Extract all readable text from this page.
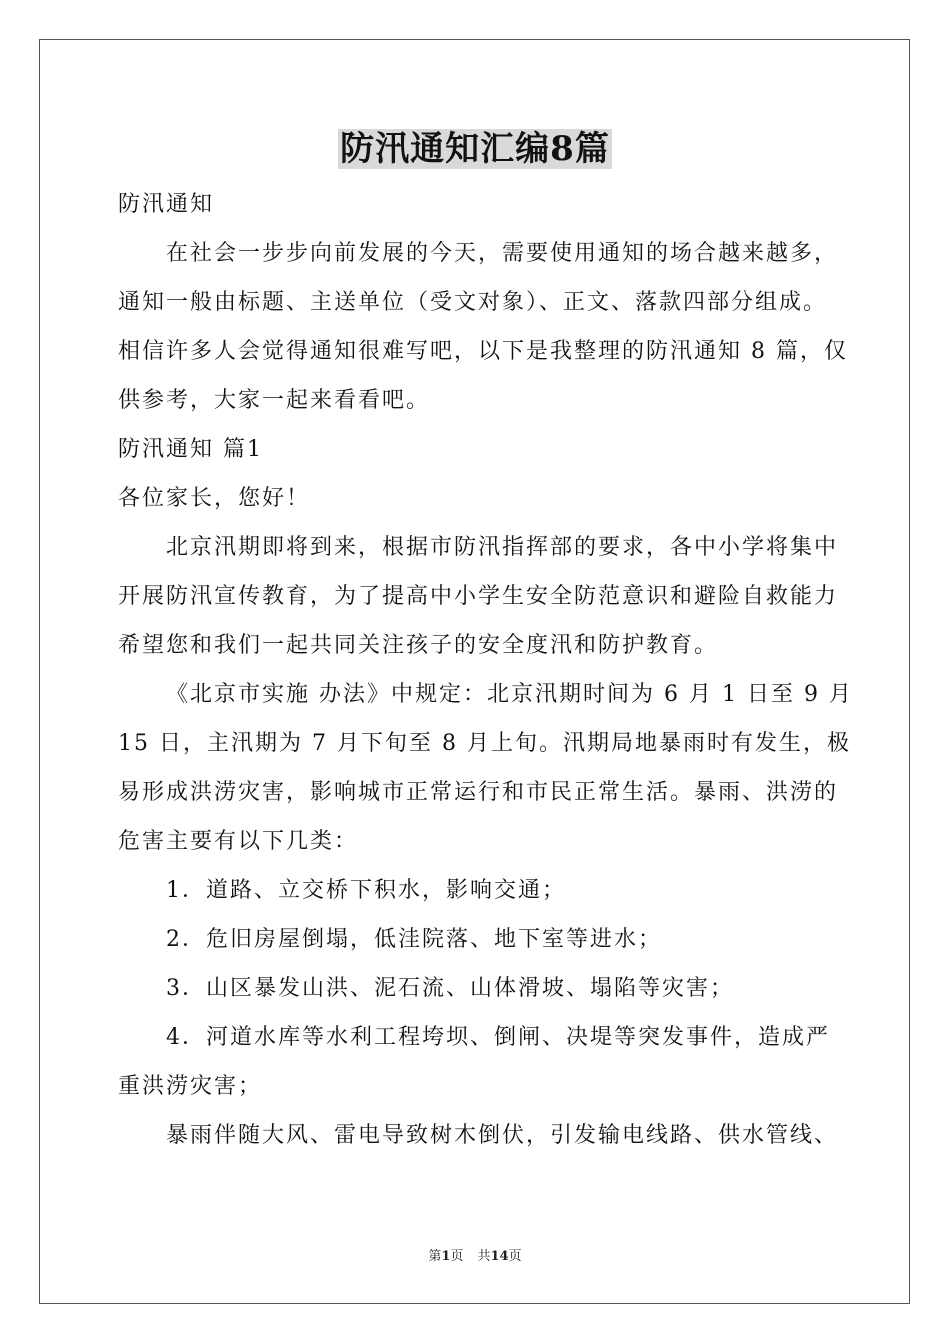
防汛通知汇编8篇

防汛通知

在社会一步步向前发展的今天，需要使用通知的场合越来越多，

通知一般由标题、主送单位（受文对象）、正文、落款四部分组成。

相信许多人会觉得通知很难写吧，以下是我整理的防汛通知 8 篇，仅

供参考，大家一起来看看吧。

防汛通知 篇1

各位家长，您好！

北京汛期即将到来，根据市防汛指挥部的要求，各中小学将集中

开展防汛宣传教育，为了提高中小学生安全防范意识和避险自救能力

希望您和我们一起共同关注孩子的安全度汛和防护教育。

《北京市实施 办法》中规定：北京汛期时间为 6 月 1 日至 9 月

15 日，主汛期为 7 月下旬至 8 月上旬。汛期局地暴雨时有发生，极

易形成洪涝灾害，影响城市正常运行和市民正常生活。暴雨、洪涝的

危害主要有以下几类：

1．道路、立交桥下积水，影响交通；

2．危旧房屋倒塌，低洼院落、地下室等进水；

3．山区暴发山洪、泥石流、山体滑坡、塌陷等灾害；

4．河道水库等水利工程垮坝、倒闸、决堤等突发事件，造成严

重洪涝灾害；

暴雨伴随大风、雷电导致树木倒伏，引发输电线路、供水管线、

第1页 共14页
